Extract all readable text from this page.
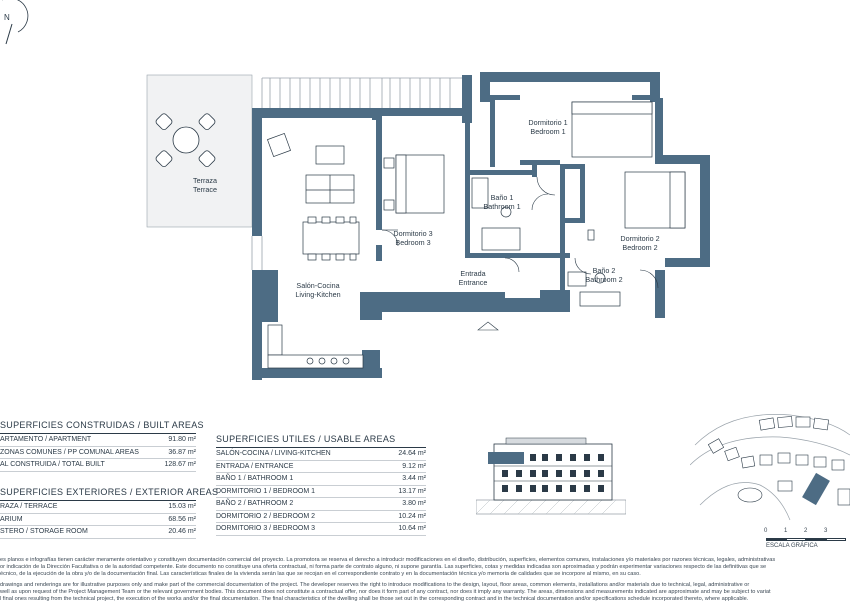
N
Terraza
Terrace
Salón-Cocina
Living-Kitchen
Dormitorio 3
Bedroom 3
Dormitorio 1
Bedroom 1
Baño 1
Bathroom 1
Dormitorio 2
Bedroom 2
Baño 2
Bathroom 2
Entrada
Entrance
SUPERFICIES CONSTRUIDAS / BUILT AREAS
ARTAMENTO / APARTMENT	91.80 m²
ZONAS COMUNES / PP COMUNAL AREAS	36.87 m²
AL CONSTRUIDA / TOTAL BUILT	128.67 m²
SUPERFICIES EXTERIORES / EXTERIOR AREAS
RAZA / TERRACE	15.03 m²
ARIUM	68.56 m²
STERO / STORAGE ROOM	20.46 m²
SUPERFICIES UTILES / USABLE AREAS
SALÓN-COCINA / LIVING-KITCHEN	24.64 m²
ENTRADA / ENTRANCE	9.12 m²
BAÑO 1 / BATHROOM 1	3.44 m²
DORMITORIO 1 / BEDROOM 1	13.17 m²
BAÑO 2 / BATHROOM 2	3.80 m²
DORMITORIO 2 / BEDROOM 2	10.24 m²
DORMITORIO 3 / BEDROOM 3	10.64 m²	0	1	2	3
ESCALA GRÁFICA
es planos e infografías tienen carácter meramente orientativo y constituyen documentación comercial del proyecto. La promotora se reserva el derecho a introducir modificaciones en el diseño, distribución, superficies, elementos comunes, instalaciones y/o materiales por razones técnicas, legales, administrativas
or indicación de la Dirección Facultativa o de la autoridad competente. Este documento no constituye una oferta contractual, ni forma parte de contrato alguno, ni supone garantía. Las superficies, cotas y medidas indicadas son aproximadas y podrán experimentar variaciones respecto de las definitivas que se
écnico, de la ejecución de la obra y/o de la documentación final. Las características finales de la vivienda serán las que se recojan en el correspondiente contrato y en la documentación técnica y/o memoria de calidades que se incorpore al mismo, en su caso.
drawings and renderings are for illustrative purposes only and make part of the commercial documentation of the project. The developer reserves the right to introduce modifications to the design, layout, floor areas, common elements, installations and/or materials due to technical, legal, administrative or
well as upon request of the Project Management Team or the relevant government bodies. This document does not constitute a contractual offer, nor does it form part of any contract, nor does it imply any warranty. The areas, dimensions and measurements indicated are approximate and may be subject to variat
l final ones resulting from the technical project, the execution of the works and/or the final documentation. The final characteristics of the dwelling shall be those set out in the corresponding contract and in the technical documentation and/or specifications schedule incorporated thereto, where applicable.
